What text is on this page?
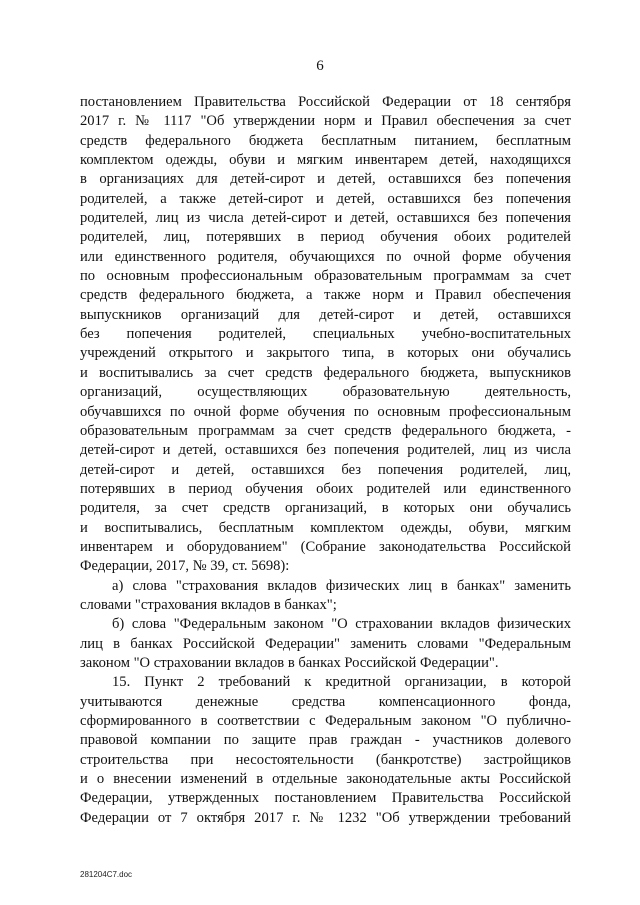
6
постановлением Правительства Российской Федерации от 18 сентября
2017 г. № 1117 "Об утверждении норм и Правил обеспечения за счет
средств федерального бюджета бесплатным питанием, бесплатным
комплектом одежды, обуви и мягким инвентарем детей, находящихся
в организациях для детей-сирот и детей, оставшихся без попечения
родителей, а также детей-сирот и детей, оставшихся без попечения
родителей, лиц из числа детей-сирот и детей, оставшихся без попечения
родителей, лиц, потерявших в период обучения обоих родителей
или единственного родителя, обучающихся по очной форме обучения
по основным профессиональным образовательным программам за счет
средств федерального бюджета, а также норм и Правил обеспечения
выпускников организаций для детей-сирот и детей, оставшихся
без попечения родителей, специальных учебно-воспитательных
учреждений открытого и закрытого типа, в которых они обучались
и воспитывались за счет средств федерального бюджета, выпускников
организаций, осуществляющих образовательную деятельность,
обучавшихся по очной форме обучения по основным профессиональным
образовательным программам за счет средств федерального бюджета, -
детей-сирот и детей, оставшихся без попечения родителей, лиц из числа
детей-сирот и детей, оставшихся без попечения родителей, лиц,
потерявших в период обучения обоих родителей или единственного
родителя, за счет средств организаций, в которых они обучались
и воспитывались, бесплатным комплектом одежды, обуви, мягким
инвентарем и оборудованием" (Собрание законодательства Российской
Федерации, 2017, № 39, ст. 5698):
а) слова "страхования вкладов физических лиц в банках" заменить
словами "страхования вкладов в банках";
б) слова "Федеральным законом "О страховании вкладов физических
лиц в банках Российской Федерации" заменить словами "Федеральным
законом "О страховании вкладов в банках Российской Федерации".
15. Пункт 2 требований к кредитной организации, в которой
учитываются денежные средства компенсационного фонда,
сформированного в соответствии с Федеральным законом "О публично-
правовой компании по защите прав граждан - участников долевого
строительства при несостоятельности (банкротстве) застройщиков
и о внесении изменений в отдельные законодательные акты Российской
Федерации, утвержденных постановлением Правительства Российской
Федерации от 7 октября 2017 г. № 1232 "Об утверждении требований
281204C7.doc
